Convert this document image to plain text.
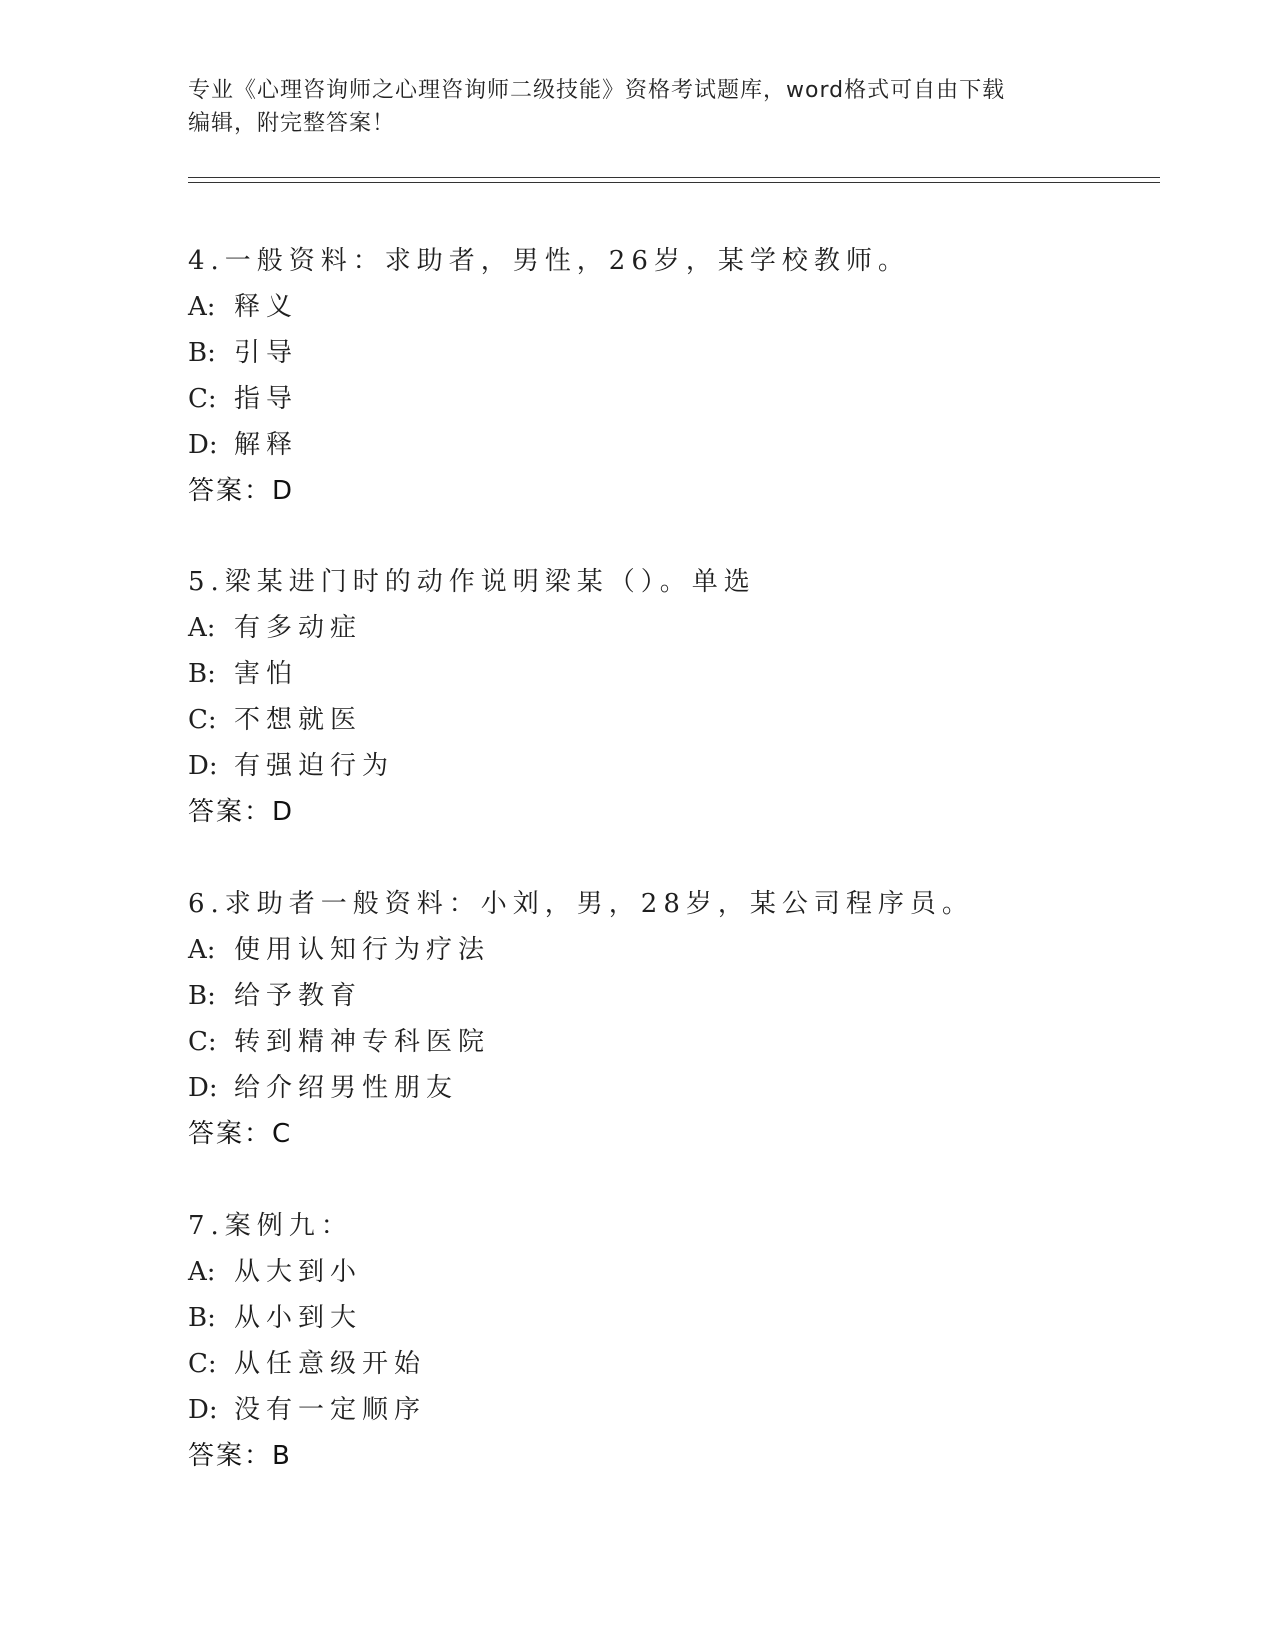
专业《心理咨询师之心理咨询师二级技能》资格考试题库，word格式可自由下载
编辑，附完整答案！
4.一般资料：求助者，男性，26岁，某学校教师。
A: 释义
B: 引导
C: 指导
D: 解释
答案：D
5.梁某进门时的动作说明梁某（）。单选
A: 有多动症
B: 害怕
C: 不想就医
D: 有强迫行为
答案：D
6.求助者一般资料：小刘，男，28岁，某公司程序员。
A: 使用认知行为疗法
B: 给予教育
C: 转到精神专科医院
D: 给介绍男性朋友
答案：C
7.案例九：
A: 从大到小
B: 从小到大
C: 从任意级开始
D: 没有一定顺序
答案：B
